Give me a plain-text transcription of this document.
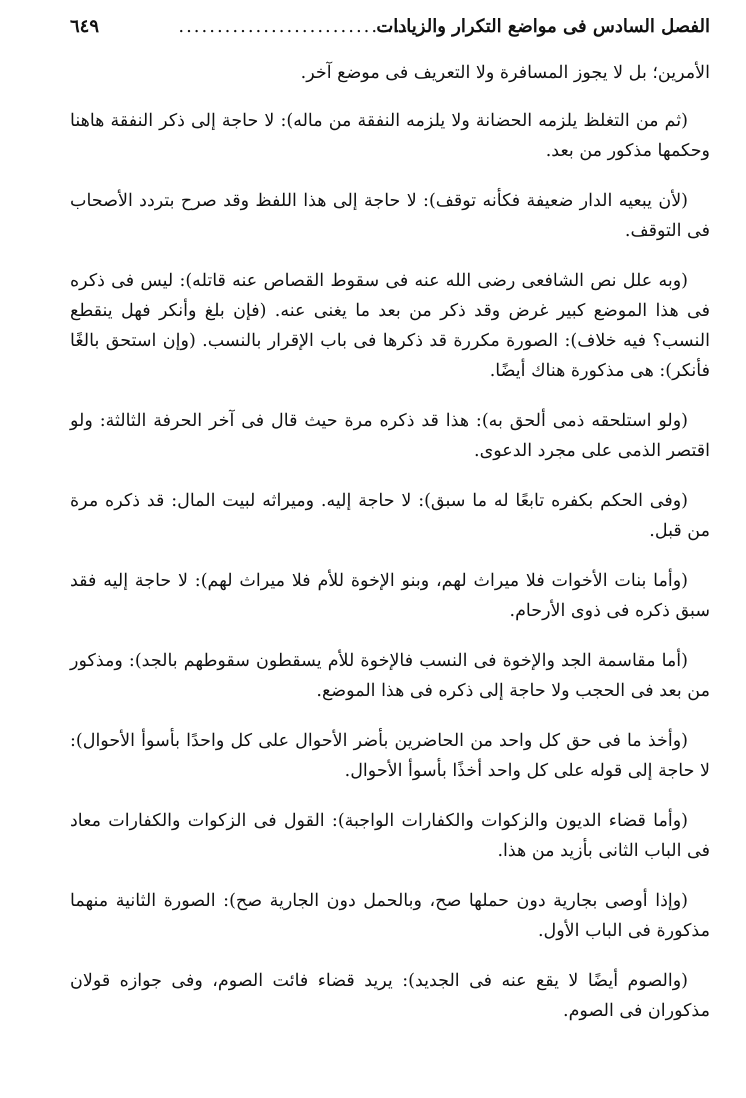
الفصل السادس فى مواضع التكرار والزيادات
..............................
٦٤٩

الأمرين؛ بل لا يجوز المسافرة ولا التعريف فى موضع آخر.

(ثم من التغلظ يلزمه الحضانة ولا يلزمه النفقة من ماله): لا حاجة إلى ذكر النفقة هاهنا وحكمها مذكور من بعد.

(لأن يبعيه الدار ضعيفة فكأنه توقف): لا حاجة إلى هذا اللفظ وقد صرح بتردد الأصحاب فى التوقف.

(وبه علل نص الشافعى رضى الله عنه فى سقوط القصاص عنه قاتله): ليس فى ذكره فى هذا الموضع كبير غرض وقد ذكر من بعد ما يغنى عنه. (فإن بلغ وأنكر فهل ينقطع النسب؟ فيه خلاف): الصورة مكررة قد ذكرها فى باب الإقرار بالنسب. (وإن استحق بالغًا فأنكر): هى مذكورة هناك أيضًا.

(ولو استلحقه ذمى ألحق به): هذا قد ذكره مرة حيث قال فى آخر الحرفة الثالثة: ولو اقتصر الذمى على مجرد الدعوى.

(وفى الحكم بكفره تابعًا له ما سبق): لا حاجة إليه. وميراثه لبيت المال: قد ذكره مرة من قبل.

(وأما بنات الأخوات فلا ميراث لهم، وبنو الإخوة للأم فلا ميراث لهم): لا حاجة إليه فقد سبق ذكره فى ذوى الأرحام.

(أما مقاسمة الجد والإخوة فى النسب فالإخوة للأم يسقطون سقوطهم بالجد): ومذكور من بعد فى الحجب ولا حاجة إلى ذكره فى هذا الموضع.

(وأخذ ما فى حق كل واحد من الحاضرين بأضر الأحوال على كل واحدًا بأسوأ الأحوال): لا حاجة إلى قوله على كل واحد أخذًا بأسوأ الأحوال.

(وأما قضاء الديون والزكوات والكفارات الواجبة): القول فى الزكوات والكفارات معاد فى الباب الثانى بأزيد من هذا.

(وإذا أوصى بجارية دون حملها صح، وبالحمل دون الجارية صح): الصورة الثانية منهما مذكورة فى الباب الأول.

(والصوم أيضًا لا يقع عنه فى الجديد): يريد قضاء فائت الصوم، وفى جوازه قولان مذكوران فى الصوم.
